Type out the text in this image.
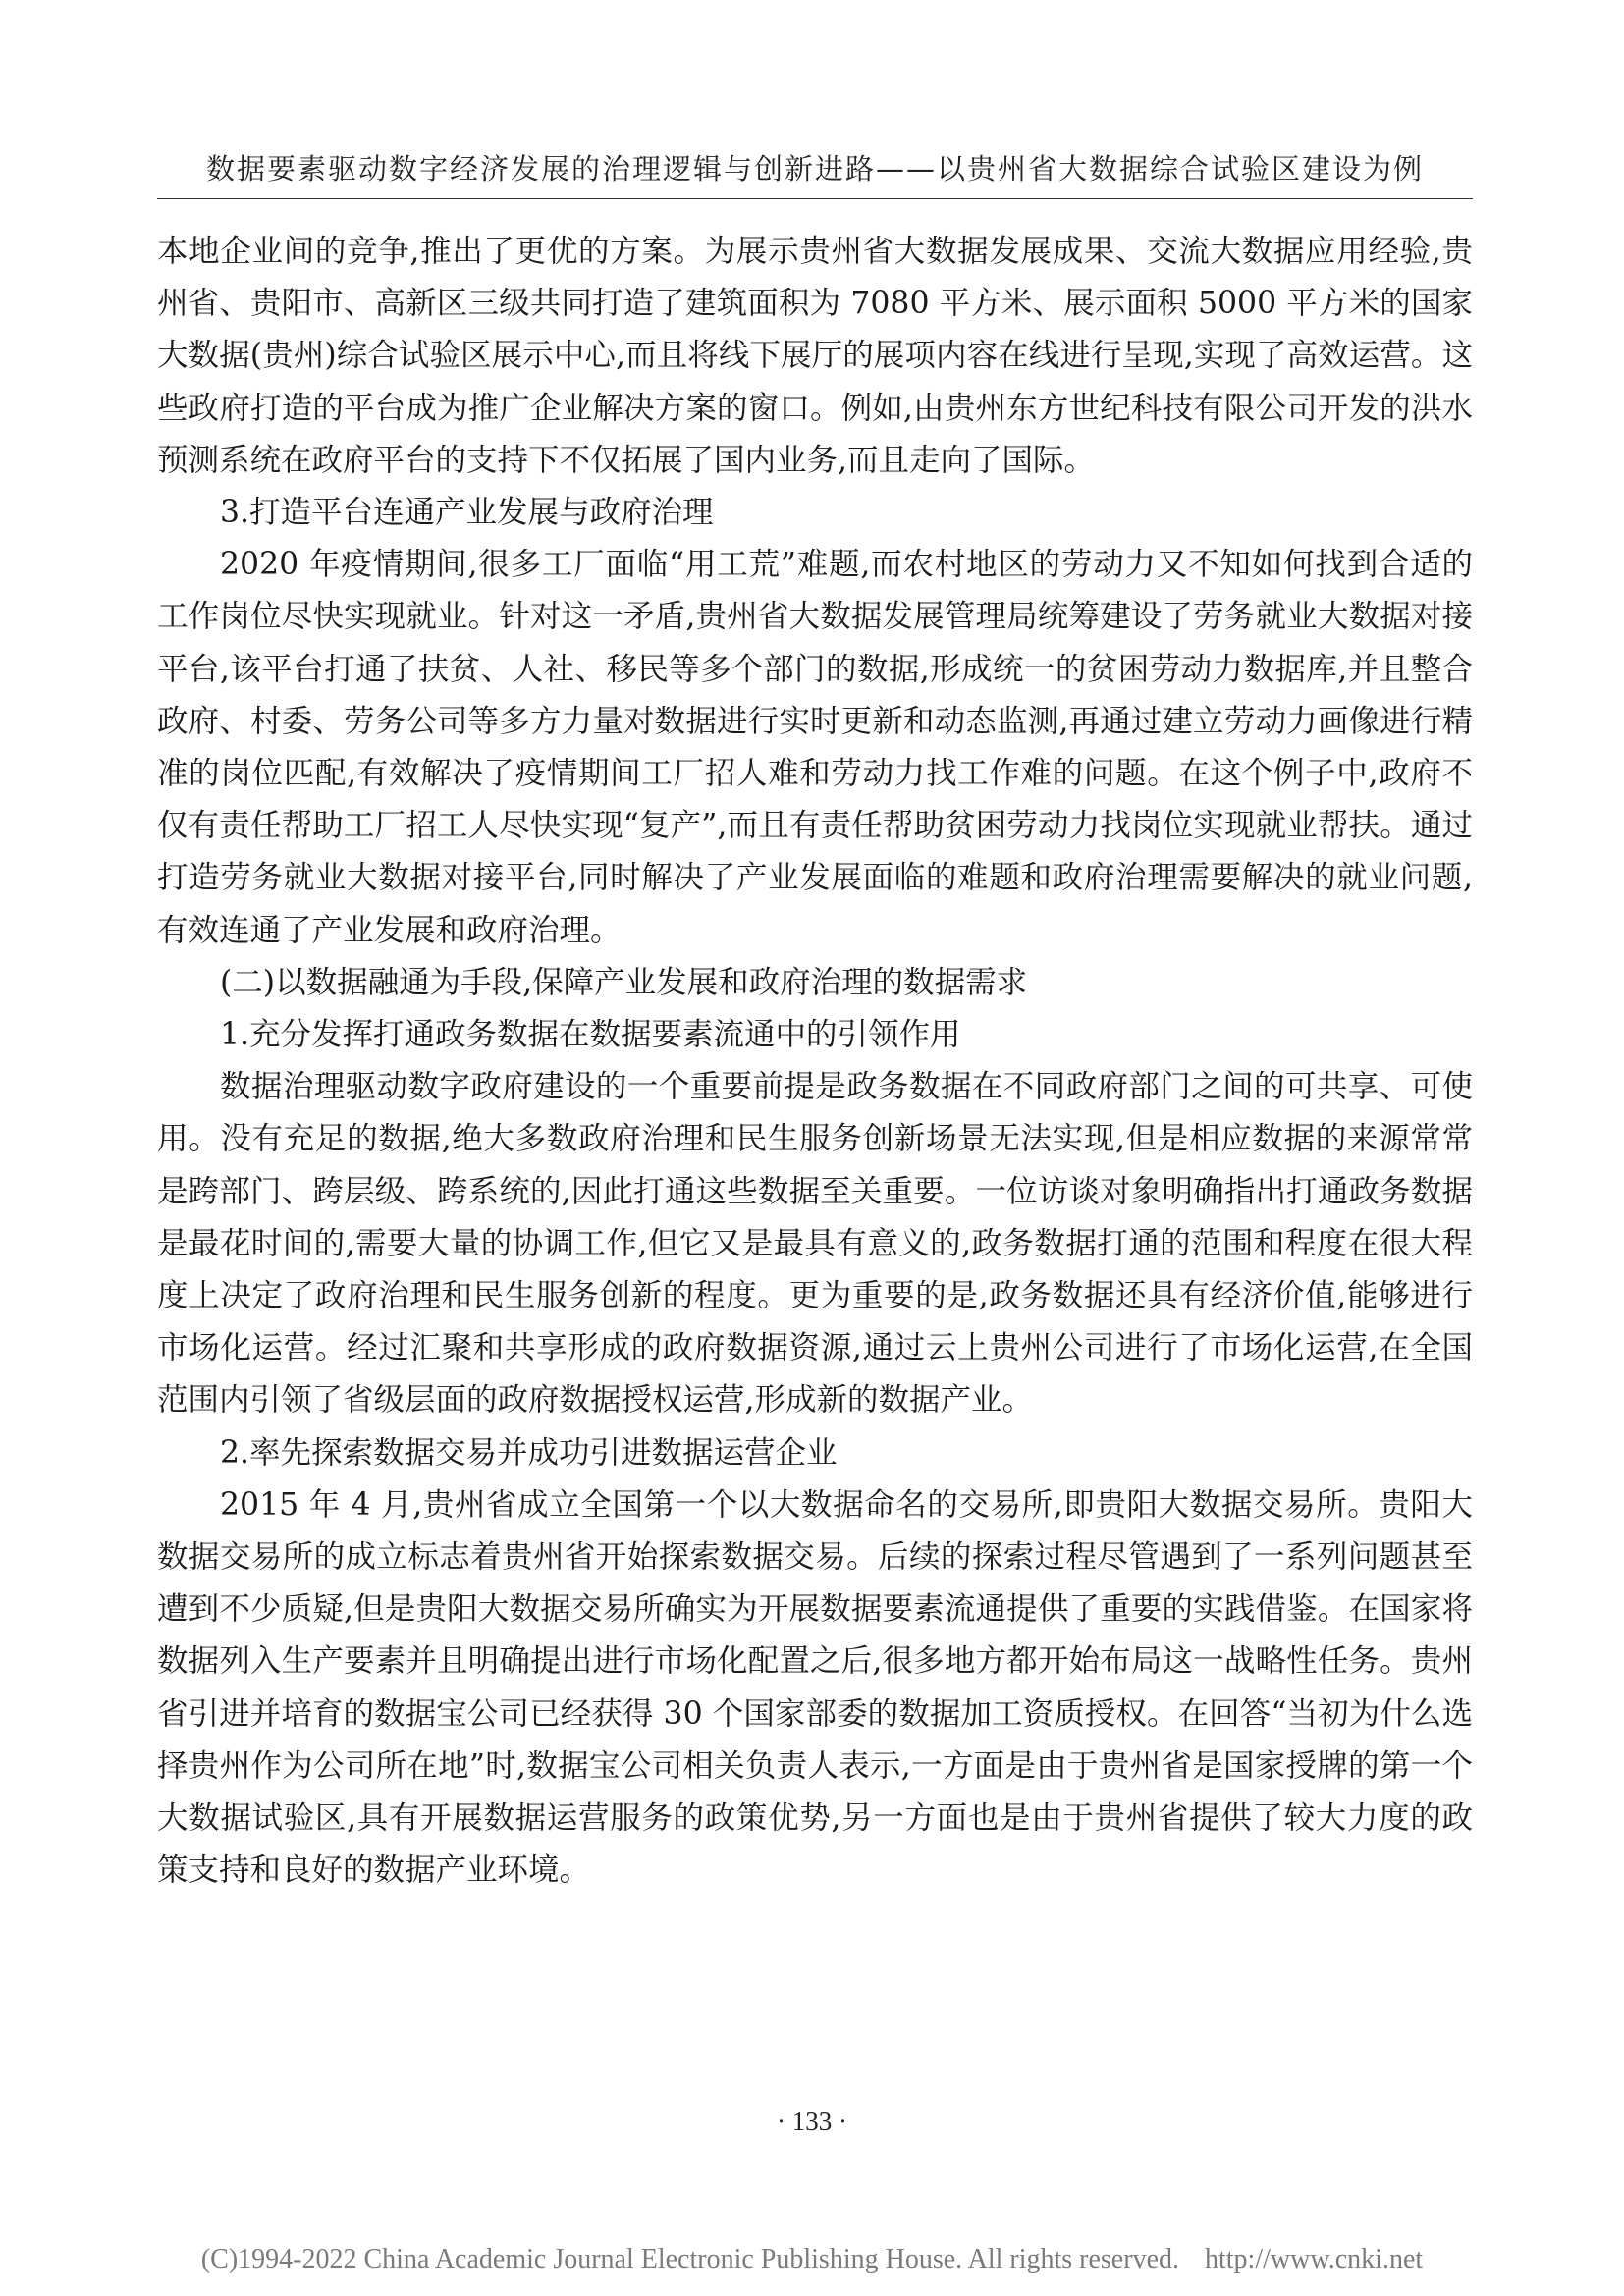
数据要素驱动数字经济发展的治理逻辑与创新进路——以贵州省大数据综合试验区建设为例

本地企业间的竞争,推出了更优的方案。为展示贵州省大数据发展成果、交流大数据应用经验,贵州省、贵阳市、高新区三级共同打造了建筑面积为 7080 平方米、展示面积 5000 平方米的国家大数据(贵州)综合试验区展示中心,而且将线下展厅的展项内容在线进行呈现,实现了高效运营。这些政府打造的平台成为推广企业解决方案的窗口。例如,由贵州东方世纪科技有限公司开发的洪水预测系统在政府平台的支持下不仅拓展了国内业务,而且走向了国际。

3.打造平台连通产业发展与政府治理

2020 年疫情期间,很多工厂面临“用工荒”难题,而农村地区的劳动力又不知如何找到合适的工作岗位尽快实现就业。针对这一矛盾,贵州省大数据发展管理局统筹建设了劳务就业大数据对接平台,该平台打通了扶贫、人社、移民等多个部门的数据,形成统一的贫困劳动力数据库,并且整合政府、村委、劳务公司等多方力量对数据进行实时更新和动态监测,再通过建立劳动力画像进行精准的岗位匹配,有效解决了疫情期间工厂招人难和劳动力找工作难的问题。在这个例子中,政府不仅有责任帮助工厂招工人尽快实现“复产”,而且有责任帮助贫困劳动力找岗位实现就业帮扶。通过打造劳务就业大数据对接平台,同时解决了产业发展面临的难题和政府治理需要解决的就业问题,有效连通了产业发展和政府治理。

(二)以数据融通为手段,保障产业发展和政府治理的数据需求

1.充分发挥打通政务数据在数据要素流通中的引领作用

数据治理驱动数字政府建设的一个重要前提是政务数据在不同政府部门之间的可共享、可使用。没有充足的数据,绝大多数政府治理和民生服务创新场景无法实现,但是相应数据的来源常常是跨部门、跨层级、跨系统的,因此打通这些数据至关重要。一位访谈对象明确指出打通政务数据是最花时间的,需要大量的协调工作,但它又是最具有意义的,政务数据打通的范围和程度在很大程度上决定了政府治理和民生服务创新的程度。更为重要的是,政务数据还具有经济价值,能够进行市场化运营。经过汇聚和共享形成的政府数据资源,通过云上贵州公司进行了市场化运营,在全国范围内引领了省级层面的政府数据授权运营,形成新的数据产业。

2.率先探索数据交易并成功引进数据运营企业

2015 年 4 月,贵州省成立全国第一个以大数据命名的交易所,即贵阳大数据交易所。贵阳大数据交易所的成立标志着贵州省开始探索数据交易。后续的探索过程尽管遇到了一系列问题甚至遭到不少质疑,但是贵阳大数据交易所确实为开展数据要素流通提供了重要的实践借鉴。在国家将数据列入生产要素并且明确提出进行市场化配置之后,很多地方都开始布局这一战略性任务。贵州省引进并培育的数据宝公司已经获得 30 个国家部委的数据加工资质授权。在回答“当初为什么选择贵州作为公司所在地”时,数据宝公司相关负责人表示,一方面是由于贵州省是国家授牌的第一个大数据试验区,具有开展数据运营服务的政策优势,另一方面也是由于贵州省提供了较大力度的政策支持和良好的数据产业环境。

· 133 ·
(C)1994-2022 China Academic Journal Electronic Publishing House. All rights reserved. http://www.cnki.net
